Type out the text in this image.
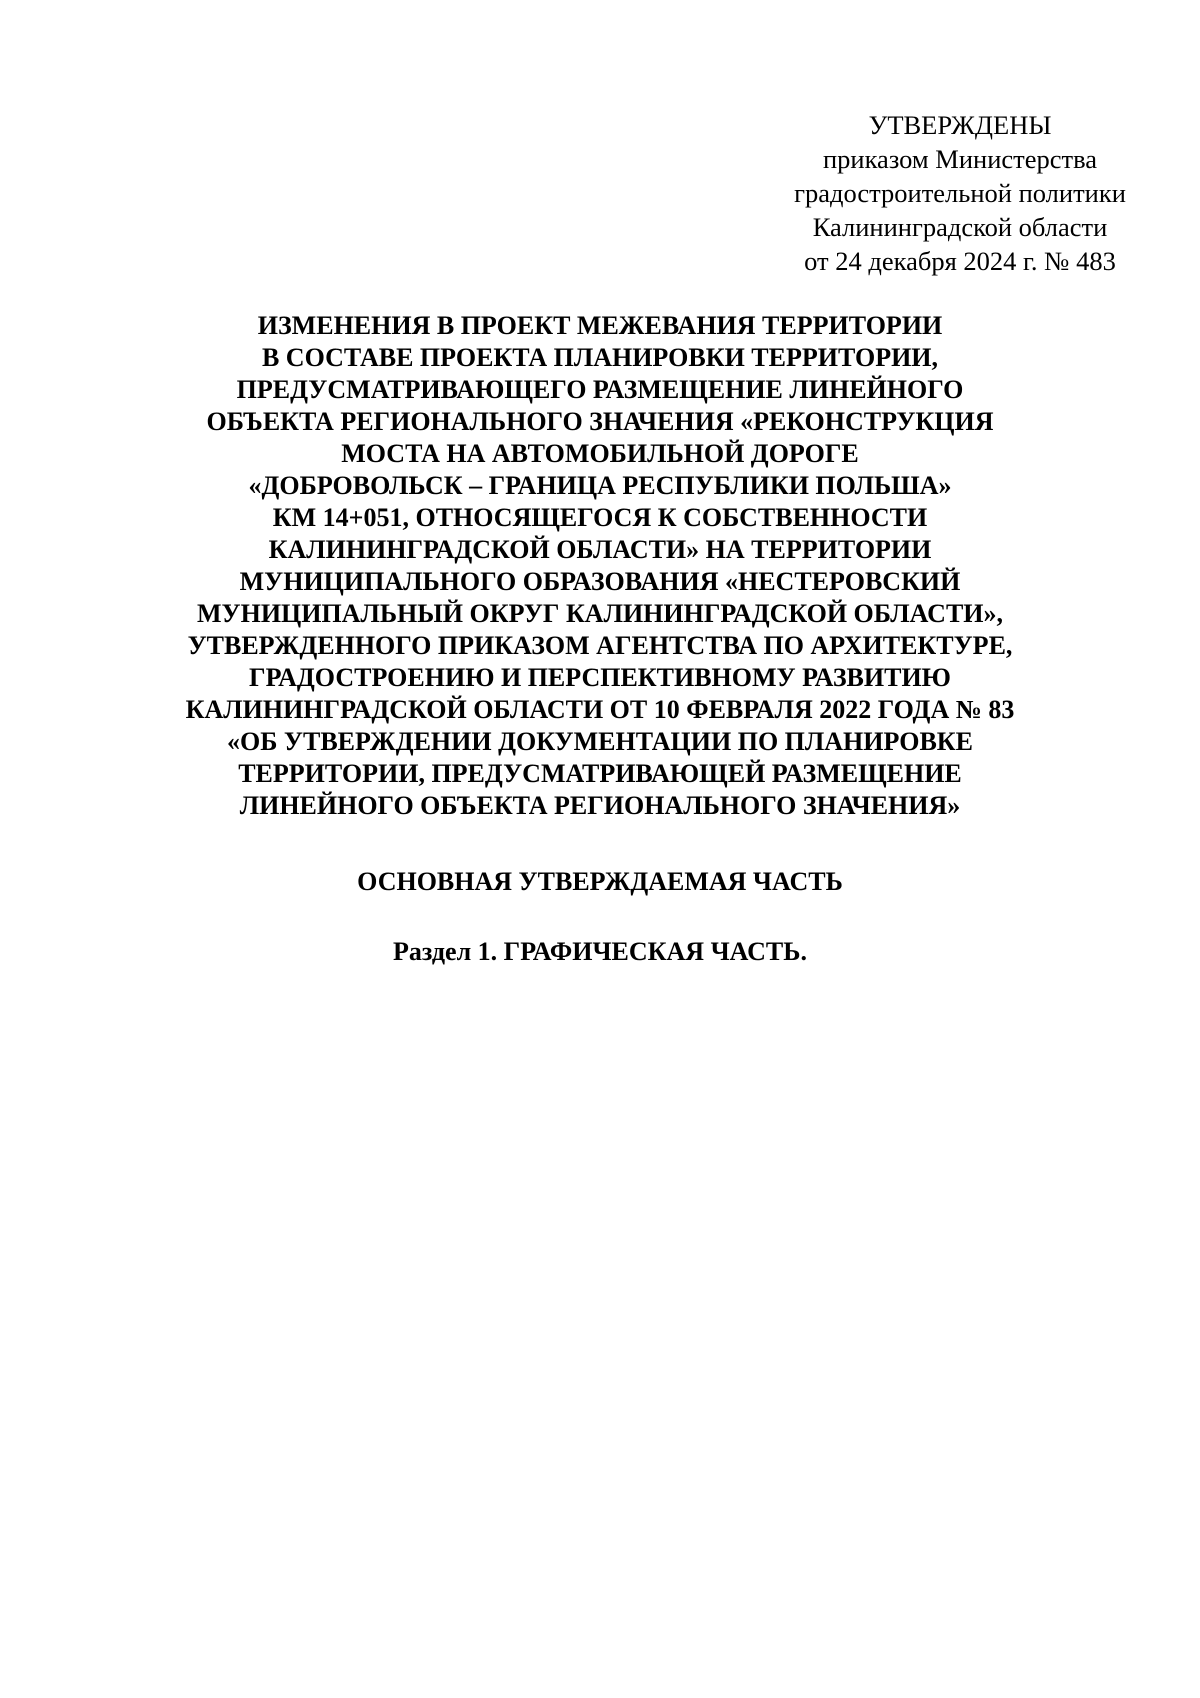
УТВЕРЖДЕНЫ
приказом Министерства
градостроительной политики
Калининградской области
от 24 декабря 2024 г. № 483
ИЗМЕНЕНИЯ В ПРОЕКТ МЕЖЕВАНИЯ ТЕРРИТОРИИ
В СОСТАВЕ ПРОЕКТА ПЛАНИРОВКИ ТЕРРИТОРИИ,
ПРЕДУСМАТРИВАЮЩЕГО РАЗМЕЩЕНИЕ ЛИНЕЙНОГО
ОБЪЕКТА РЕГИОНАЛЬНОГО ЗНАЧЕНИЯ «РЕКОНСТРУКЦИЯ
МОСТА НА АВТОМОБИЛЬНОЙ ДОРОГЕ
«ДОБРОВОЛЬСК – ГРАНИЦА РЕСПУБЛИКИ ПОЛЬША»
КМ 14+051, ОТНОСЯЩЕГОСЯ К СОБСТВЕННОСТИ
КАЛИНИНГРАДСКОЙ ОБЛАСТИ» НА ТЕРРИТОРИИ
МУНИЦИПАЛЬНОГО ОБРАЗОВАНИЯ «НЕСТЕРОВСКИЙ
МУНИЦИПАЛЬНЫЙ ОКРУГ КАЛИНИНГРАДСКОЙ ОБЛАСТИ»,
УТВЕРЖДЕННОГО ПРИКАЗОМ АГЕНТСТВА ПО АРХИТЕКТУРЕ,
ГРАДОСТРОЕНИЮ И ПЕРСПЕКТИВНОМУ РАЗВИТИЮ
КАЛИНИНГРАДСКОЙ ОБЛАСТИ ОТ 10 ФЕВРАЛЯ 2022 ГОДА № 83
«ОБ УТВЕРЖДЕНИИ ДОКУМЕНТАЦИИ ПО ПЛАНИРОВКЕ
ТЕРРИТОРИИ, ПРЕДУСМАТРИВАЮЩЕЙ РАЗМЕЩЕНИЕ
ЛИНЕЙНОГО ОБЪЕКТА РЕГИОНАЛЬНОГО ЗНАЧЕНИЯ»
ОСНОВНАЯ УТВЕРЖДАЕМАЯ ЧАСТЬ
Раздел 1. ГРАФИЧЕСКАЯ ЧАСТЬ.
